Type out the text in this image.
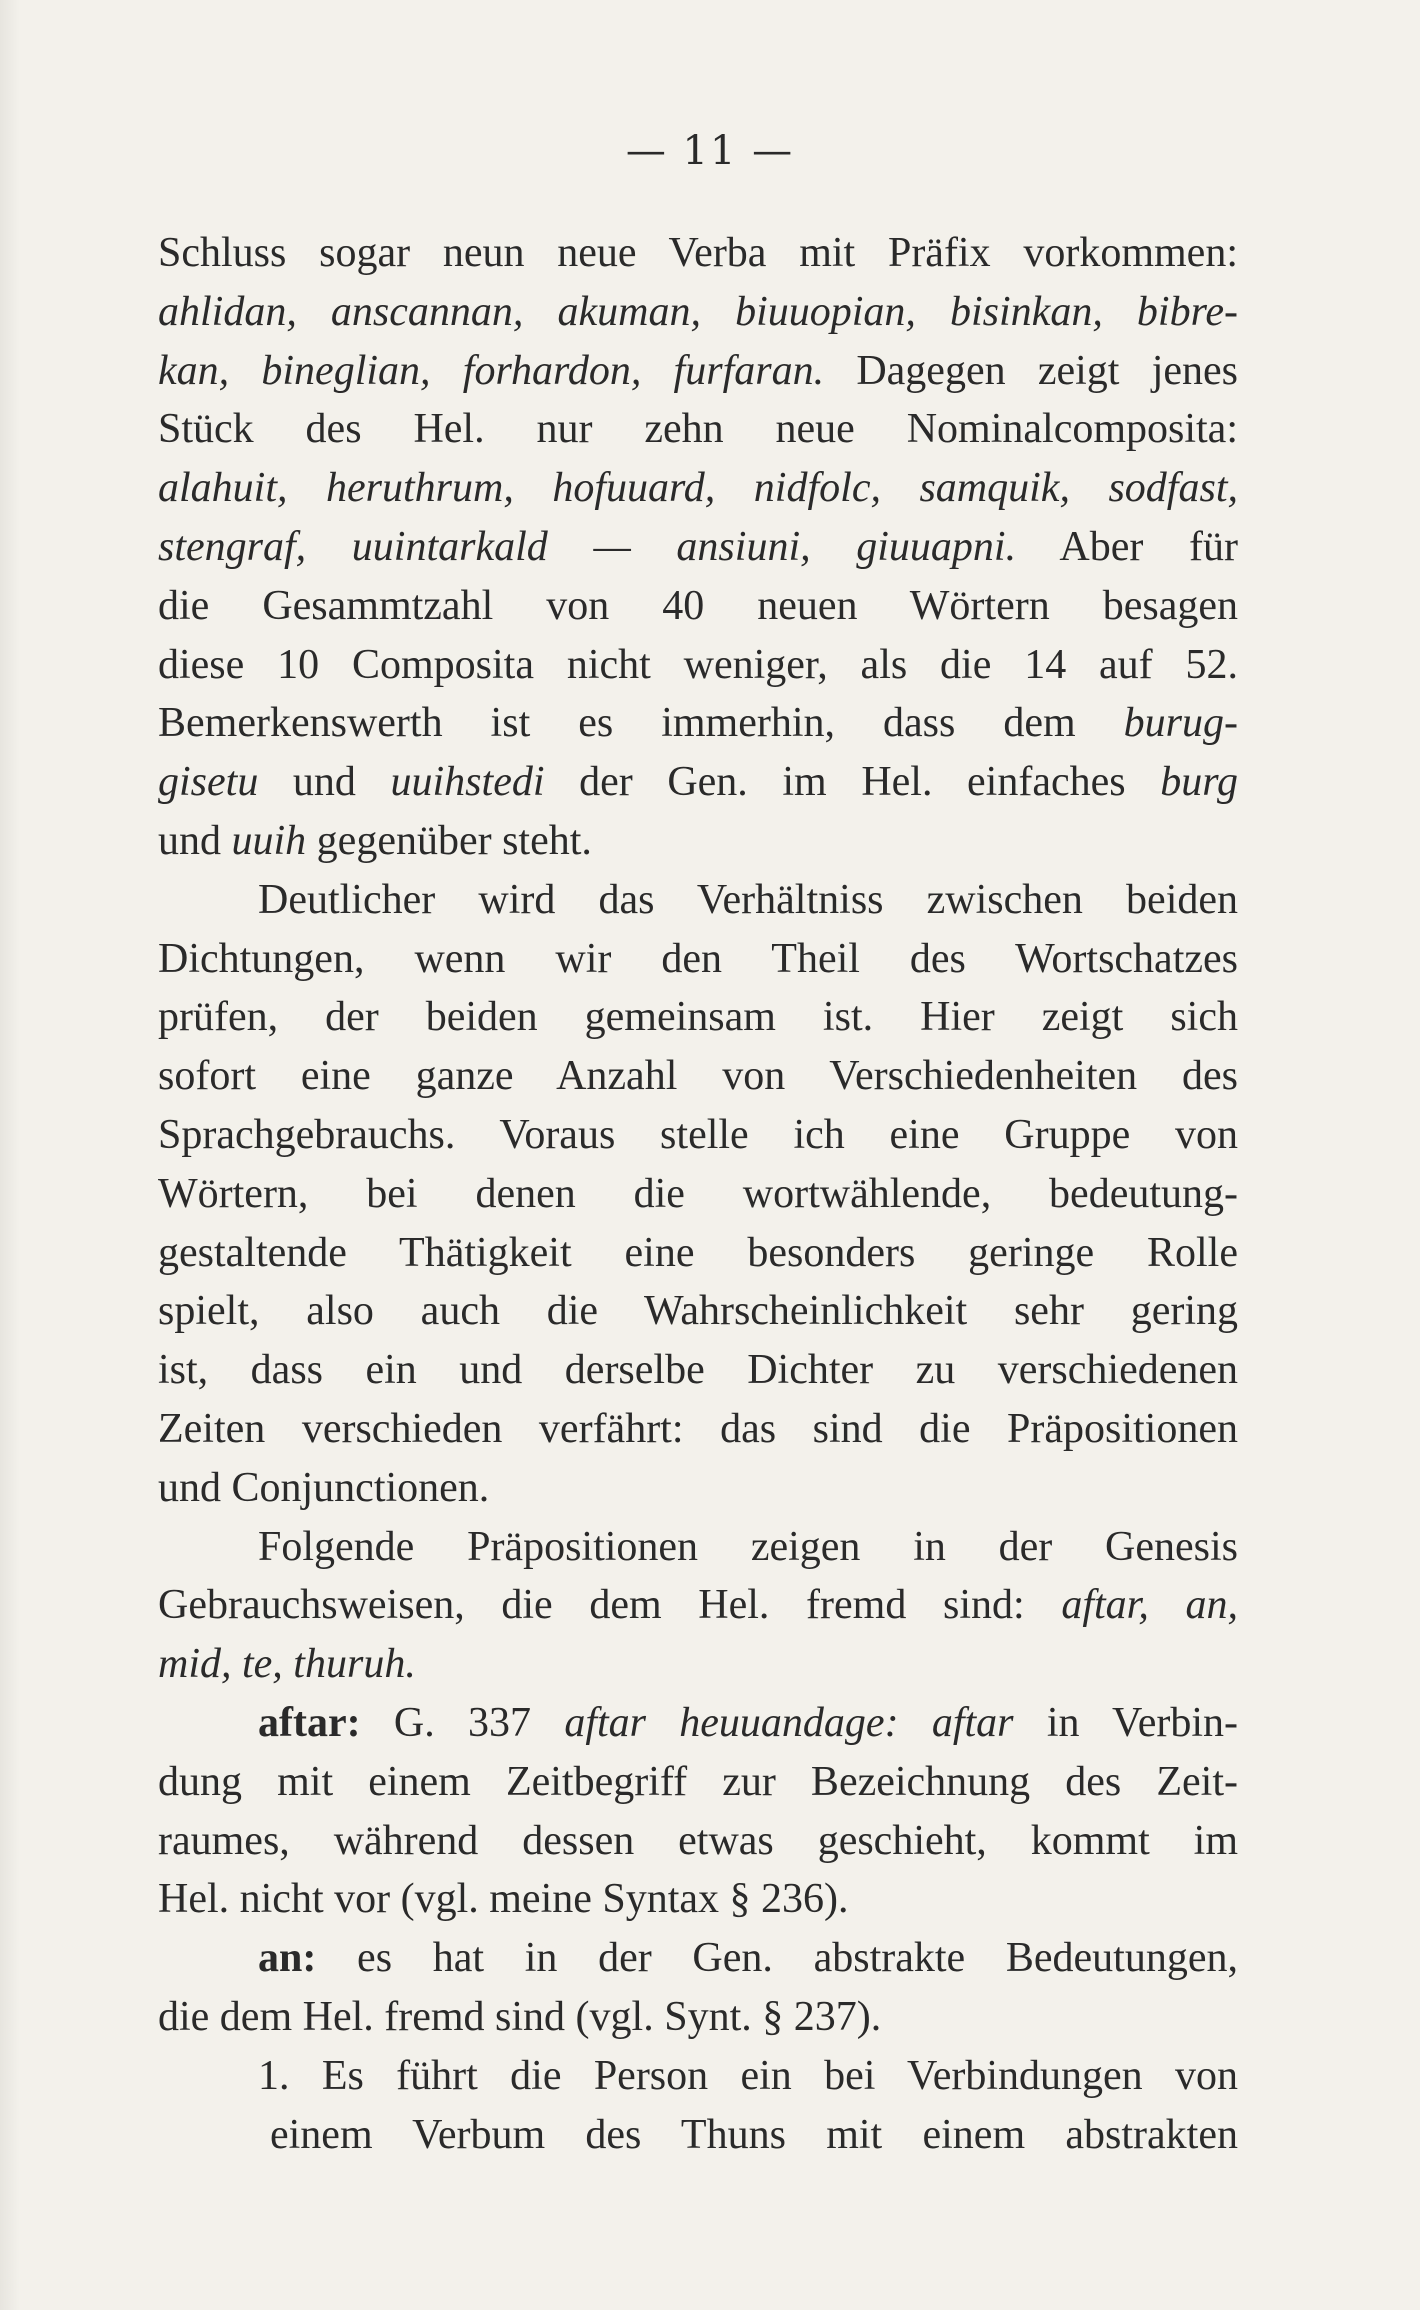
— 11 —
Schluss sogar neun neue Verba mit Präfix vorkommen:
ahlidan, anscannan, akuman, biuuopian, bisinkan, bibre-
kan, bineglian, forhardon, furfaran. Dagegen zeigt jenes
Stück des Hel. nur zehn neue Nominalcomposita:
alahuit, heruthrum, hofuuard, nidfolc, samquik, sodfast,
stengraf, uuintarkald — ansiuni, giuuapni. Aber für
die Gesammtzahl von 40 neuen Wörtern besagen
diese 10 Composita nicht weniger, als die 14 auf 52.
Bemerkenswerth ist es immerhin, dass dem burug-
gisetu und uuihstedi der Gen. im Hel. einfaches burg
und uuih gegenüber steht.
Deutlicher wird das Verhältniss zwischen beiden
Dichtungen, wenn wir den Theil des Wortschatzes
prüfen, der beiden gemeinsam ist. Hier zeigt sich
sofort eine ganze Anzahl von Verschiedenheiten des
Sprachgebrauchs. Voraus stelle ich eine Gruppe von
Wörtern, bei denen die wortwählende, bedeutung-
gestaltende Thätigkeit eine besonders geringe Rolle
spielt, also auch die Wahrscheinlichkeit sehr gering
ist, dass ein und derselbe Dichter zu verschiedenen
Zeiten verschieden verfährt: das sind die Präpositionen
und Conjunctionen.
Folgende Präpositionen zeigen in der Genesis
Gebrauchsweisen, die dem Hel. fremd sind: aftar, an,
mid, te, thuruh.
aftar: G. 337 aftar heuuandage: aftar in Verbin-
dung mit einem Zeitbegriff zur Bezeichnung des Zeit-
raumes, während dessen etwas geschieht, kommt im
Hel. nicht vor (vgl. meine Syntax § 236).
an: es hat in der Gen. abstrakte Bedeutungen,
die dem Hel. fremd sind (vgl. Synt. § 237).
1. Es führt die Person ein bei Verbindungen von
einem Verbum des Thuns mit einem abstrakten
